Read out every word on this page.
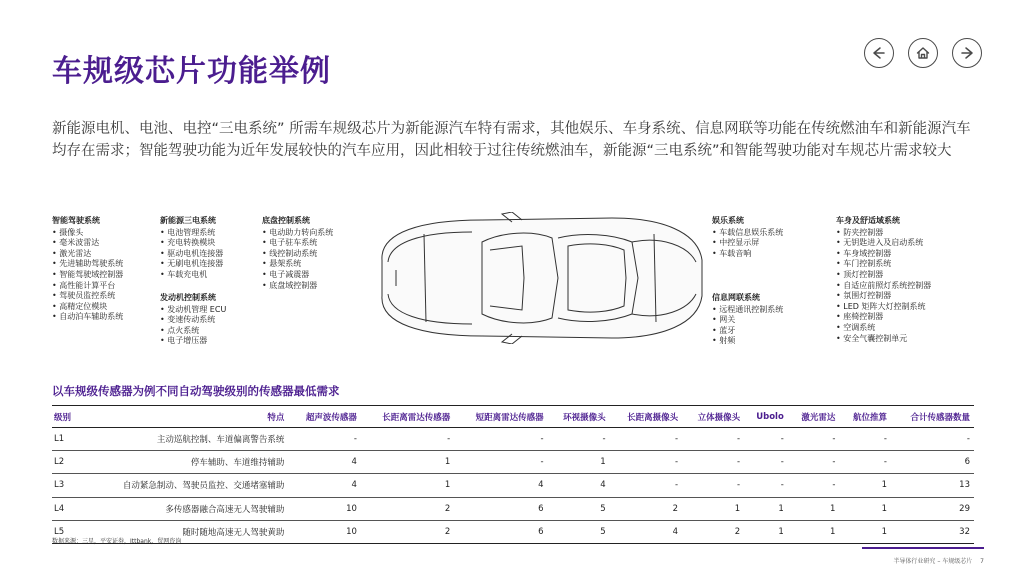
车规级芯片功能举例

新能源电机、电池、电控“三电系统” 所需车规级芯片为新能源汽车特有需求，其他娱乐、车身系统、信息网联等功能在传统燃油车和新能源汽车均存在需求；智能驾驶功能为近年发展较快的汽车应用，因此相较于过往传统燃油车，新能源“三电系统”和智能驾驶功能对车规芯片需求较大

智能驾驶系统
• 摄像头
• 毫米波雷达
• 激光雷达
• 先进辅助驾驶系统
• 智能驾驶域控制器
• 高性能计算平台
• 驾驶员监控系统
• 高精定位模块
• 自动泊车辅助系统
新能源三电系统
• 电池管理系统
• 充电转换模块
• 驱动电机连接器
• 无刷电机连接器
• 车载充电机
发动机控制系统
• 发动机管理 ECU
• 变速传动系统
• 点火系统
• 电子增压器
底盘控制系统
• 电动助力转向系统
• 电子驻车系统
• 线控制动系统
• 悬架系统
• 电子减震器
• 底盘域控制器
娱乐系统
• 车载信息娱乐系统
• 中控显示屏
• 车载音响
信息网联系统
• 远程通讯控制系统
• 网关
• 蓝牙
• 射频
车身及舒适域系统
• 防夹控制器
• 无钥匙进入及启动系统
• 车身域控制器
• 车门控制系统
• 顶灯控制器
• 自适应前照灯系统控制器
• 氛围灯控制器
• LED 矩阵大灯控制系统
• 座椅控制器
• 空调系统
• 安全气囊控制单元
以车规级传感器为例不同自动驾驶级别的传感器最低需求
级别	特点	超声波传感器	长距离雷达传感器	短距离雷达传感器	环视摄像头	长距离摄像头	立体摄像头	Ubolo	激光雷达	航位推算	合计传感器数量
L1	主动巡航控制、车道偏离警告系统	-	-	-	-	-	-	-	-	-	-
L2	停车辅助、车道维持辅助	4	1	-	1	-	-	-	-	-	6
L3	自动紧急制动、驾驶员监控、交通堵塞辅助	4	1	4	4	-	-	-	-	1	13
L4	多传感器融合高速无人驾驶辅助	10	2	6	5	2	1	1	1	1	29
L5	随时随地高速无人驾驶黄助	10	2	6	5	4	2	1	1	1	32
数据来源：三星，平安证券，Ittbank，贸网咨询
半导体行业研究 – 车规级芯片 7
